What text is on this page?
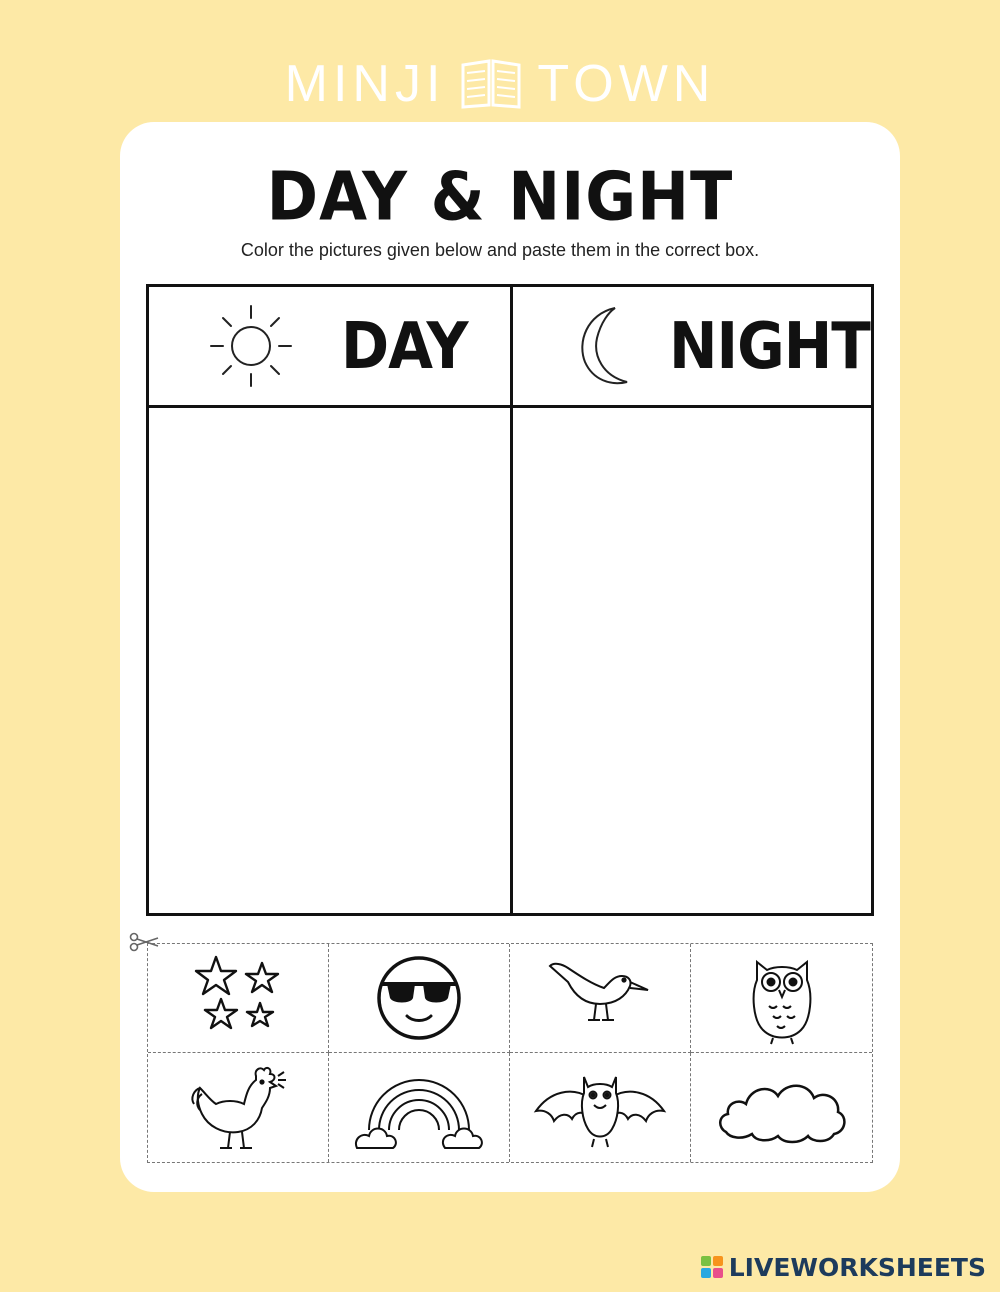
MINJI TOWN
DAY & NIGHT
Color the pictures given below and paste them in the correct box.
DAY	NIGHT
LIVEWORKSHEETS
